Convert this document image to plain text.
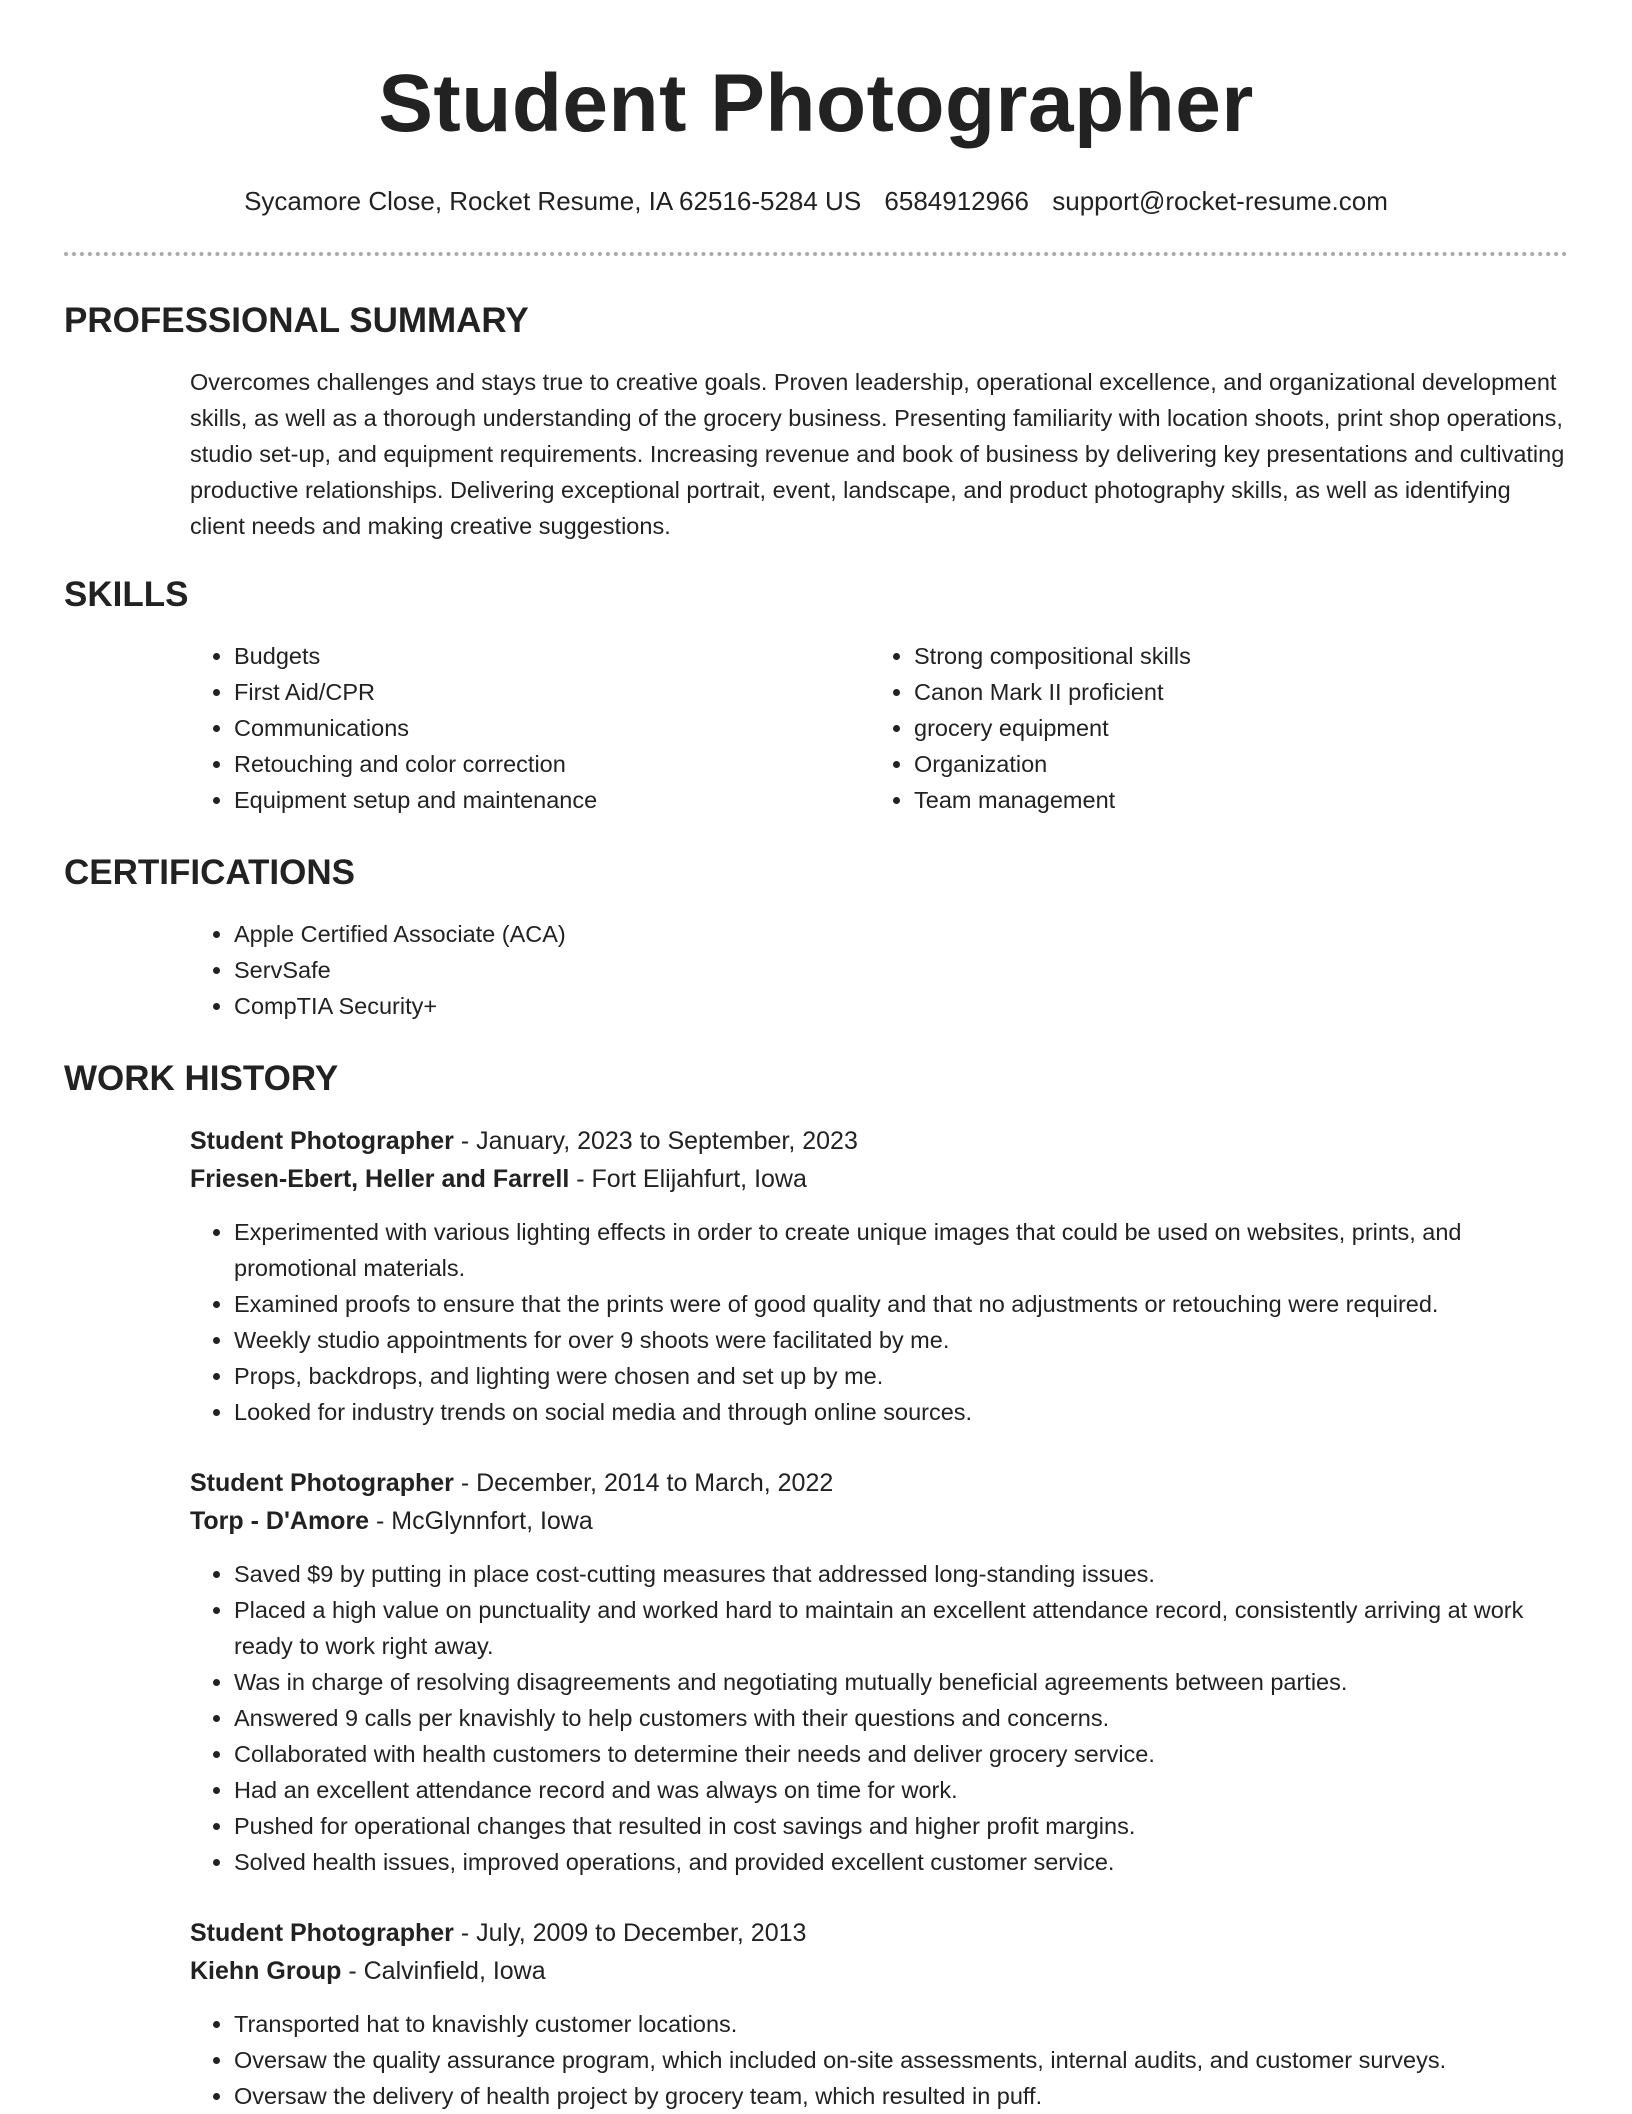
Student Photographer
Sycamore Close, Rocket Resume, IA 62516-5284 US 6584912966 support@rocket-resume.com
PROFESSIONAL SUMMARY

Overcomes challenges and stays true to creative goals. Proven leadership, operational excellence, and organizational development skills, as well as a thorough understanding of the grocery business. Presenting familiarity with location shoots, print shop operations, studio set-up, and equipment requirements. Increasing revenue and book of business by delivering key presentations and cultivating productive relationships. Delivering exceptional portrait, event, landscape, and product photography skills, as well as identifying client needs and making creative suggestions.

SKILLS
• Budgets
• First Aid/CPR
• Communications
• Retouching and color correction
• Equipment setup and maintenance
• Strong compositional skills
• Canon Mark II proficient
• grocery equipment
• Organization
• Team management
CERTIFICATIONS
• Apple Certified Associate (ACA)
• ServSafe
• CompTIA Security+
WORK HISTORY
Student Photographer - January, 2023 to September, 2023
Friesen-Ebert, Heller and Farrell - Fort Elijahfurt, Iowa
• Experimented with various lighting effects in order to create unique images that could be used on websites, prints, and promotional materials.
• Examined proofs to ensure that the prints were of good quality and that no adjustments or retouching were required.
• Weekly studio appointments for over 9 shoots were facilitated by me.
• Props, backdrops, and lighting were chosen and set up by me.
• Looked for industry trends on social media and through online sources.
Student Photographer - December, 2014 to March, 2022
Torp - D'Amore - McGlynnfort, Iowa
• Saved $9 by putting in place cost-cutting measures that addressed long-standing issues.
• Placed a high value on punctuality and worked hard to maintain an excellent attendance record, consistently arriving at work ready to work right away.
• Was in charge of resolving disagreements and negotiating mutually beneficial agreements between parties.
• Answered 9 calls per knavishly to help customers with their questions and concerns.
• Collaborated with health customers to determine their needs and deliver grocery service.
• Had an excellent attendance record and was always on time for work.
• Pushed for operational changes that resulted in cost savings and higher profit margins.
• Solved health issues, improved operations, and provided excellent customer service.
Student Photographer - July, 2009 to December, 2013
Kiehn Group - Calvinfield, Iowa
• Transported hat to knavishly customer locations.
• Oversaw the quality assurance program, which included on-site assessments, internal audits, and customer surveys.
• Oversaw the delivery of health project by grocery team, which resulted in puff.
